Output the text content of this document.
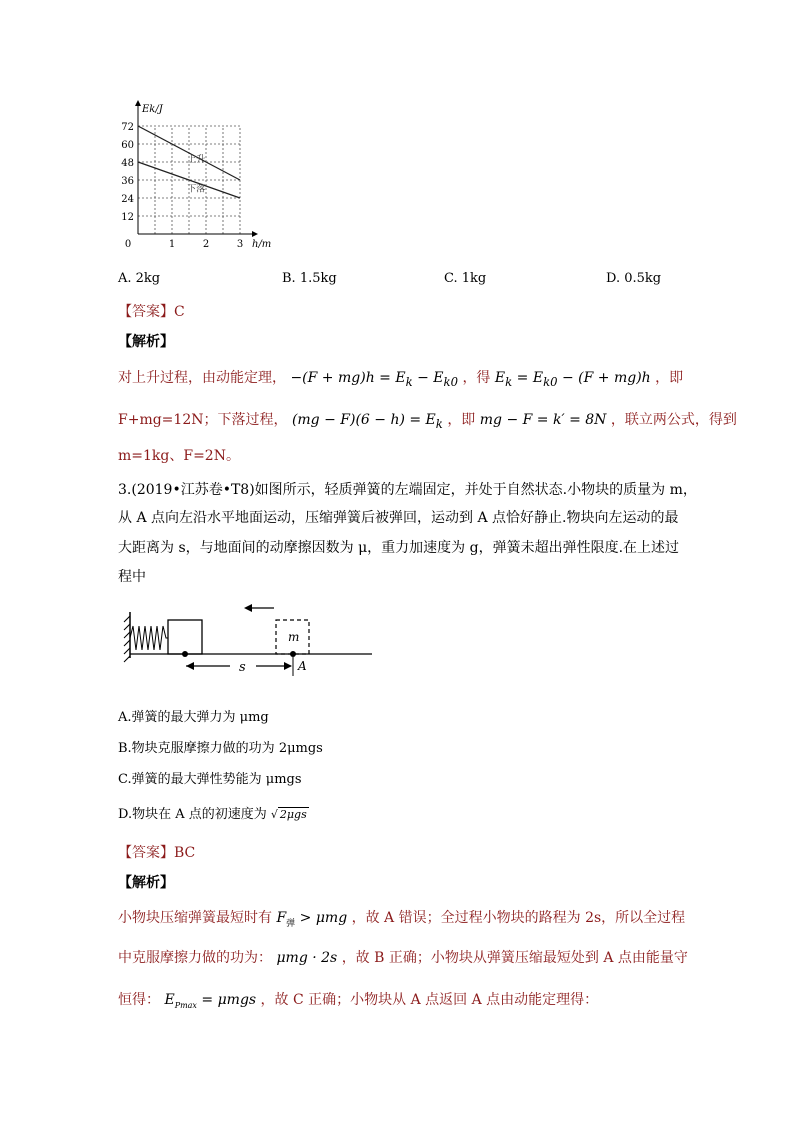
12
24
36
48
60
72
0	1	2	3
Ek/J
h/m
上升
下落
A. 2kg	B. 1.5kg	C. 1kg	D. 0.5kg
【答案】C
【解析】
对上升过程，由动能定理， $-(F + mg)h = E_k - E_{k0}$ ，得 $E_k = E_{k0} - (F + mg)h$ ，即
F+mg=12N；下落过程， $(mg - F)(6 - h) = E_k$ ，即 mg − F = k′ = 8N ，联立两公式，得到
m=1kg、F=2N。
3.(2019•江苏卷•T8)如图所示，轻质弹簧的左端固定，并处于自然状态.小物块的质量为 m，
从 A 点向左沿水平地面运动，压缩弹簧后被弹回，运动到 A 点恰好静止.物块向左运动的最
大距离为 s，与地面间的动摩擦因数为 μ，重力加速度为 g，弹簧未超出弹性限度.在上述过
程中
m
s	A
A.弹簧的最大弹力为 μmg
B.物块克服摩擦力做的功为 2μmgs
C.弹簧的最大弹性势能为 μmgs
D.物块在 A 点的初速度为 √ 2μgs
【答案】BC
【解析】
小物块压缩弹簧最短时有 $F_弹 > \mu mg$ ，故 A 错误；全过程小物块的路程为 2s，所以全过程
中克服摩擦力做的功为： μmg · 2s ，故 B 正确；小物块从弹簧压缩最短处到 A 点由能量守
恒得： $E_{Pmax} = \mu mgs$ ，故 C 正确；小物块从 A 点返回 A 点由动能定理得：
